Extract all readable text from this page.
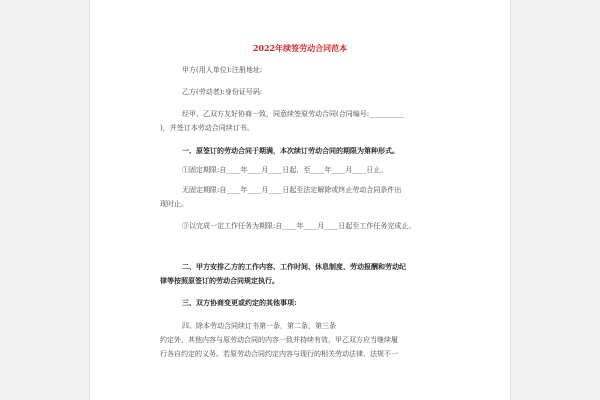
2022年续签劳动合同范本
甲方(用人单位):注册地址:
乙方(劳动者):身份证号码:
经甲、乙双方友好协商一致，同意续签原劳动合同(合同编号:__________
)，并签订本劳动合同续订书。
一、原签订的劳动合同于期满，本次续订劳动合同的期限为第种形式。
①固定期限:自____年____月____日起，至____年____月____日止。
无固定期限:自____年____月____日起至法定解除或终止劳动合同条件出
现时止。
③以完成一定工作任务为期限:自____年____月____日起至工作任务完成止。
二、甲方安排乙方的工作内容、工作时间、休息制度、劳动报酬和劳动纪
律等按照原签订的劳动合同规定执行。
三、双方协商变更或约定的其他事项:
四、除本劳动合同续订书第一条，第二条，第三条
约定外，其他内容与原劳动合同的内容一致并持续有效，甲乙双方应当继续履
行各自约定的义务。若原劳动合同约定内容与现行的相关劳动法律、法规不一
